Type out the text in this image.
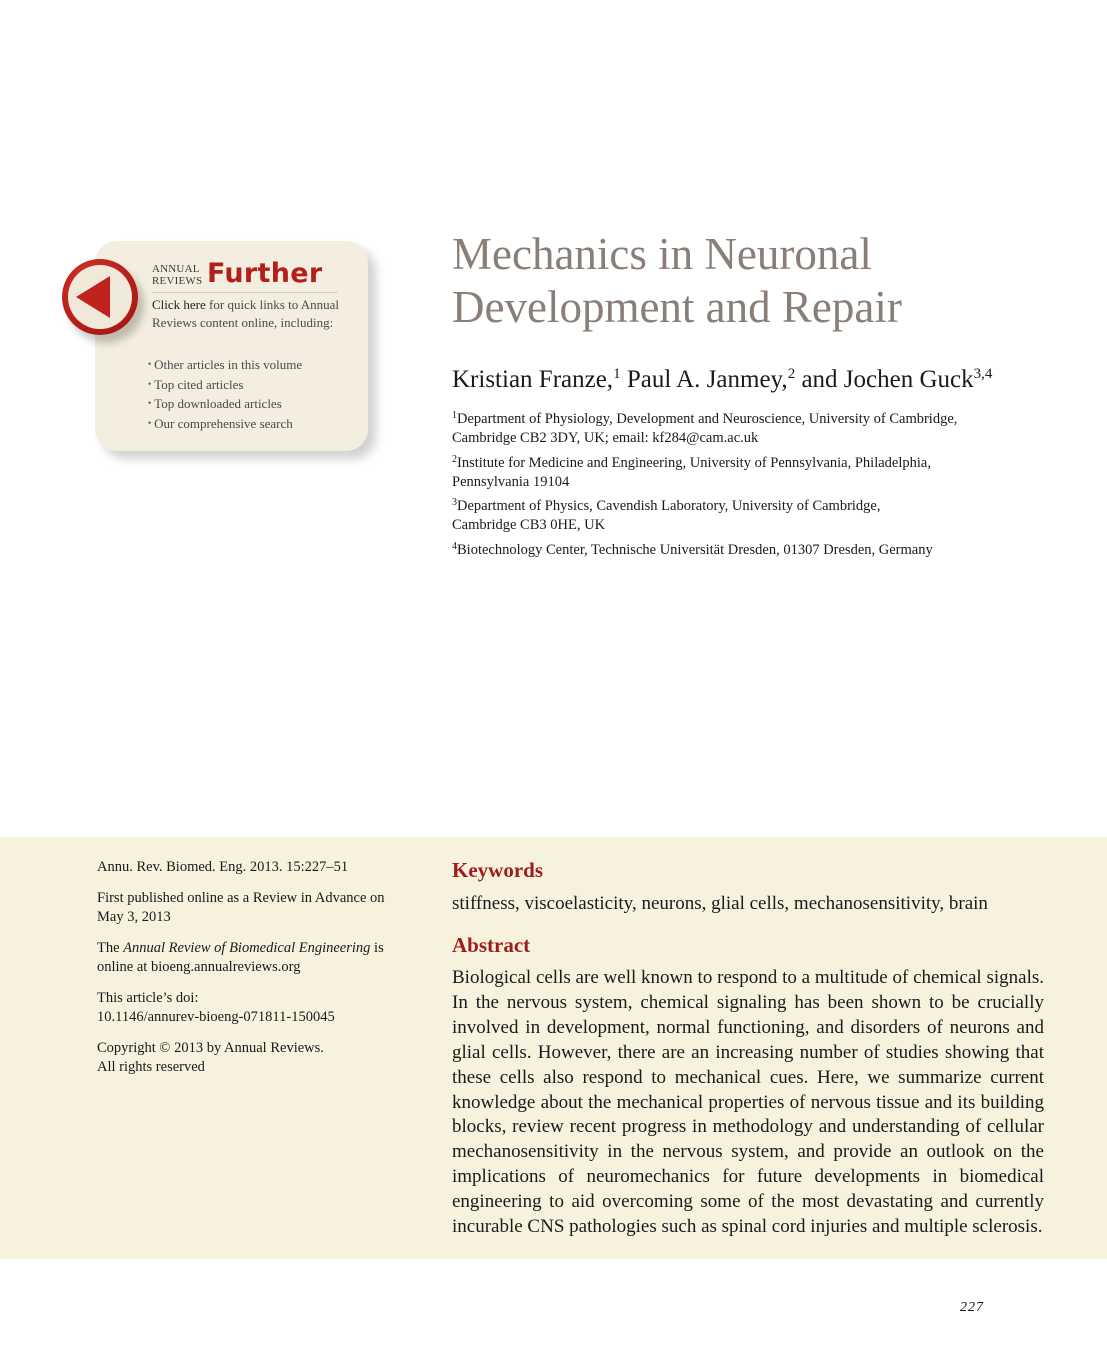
ANNUAL
REVIEWS Further
Click here for quick links to Annual Reviews content online, including:
• Other articles in this volume
• Top cited articles
• Top downloaded articles
• Our comprehensive search
Mechanics in Neuronal
Development and Repair
Kristian Franze,$^1$ Paul A. Janmey,$^2$ and Jochen Guck$^{3,4}$
$^1$Department of Physiology, Development and Neuroscience, University of Cambridge,
Cambridge CB2 3DY, UK; email: kf284@cam.ac.uk
$^2$Institute for Medicine and Engineering, University of Pennsylvania, Philadelphia,
Pennsylvania 19104
$^3$Department of Physics, Cavendish Laboratory, University of Cambridge,
Cambridge CB3 0HE, UK
$^4$Biotechnology Center, Technische Universität Dresden, 01307 Dresden, Germany
Annu. Rev. Biomed. Eng. 2013. 15:227–51
First published online as a Review in Advance on
May 3, 2013
The Annual Review of Biomedical Engineering is
online at bioeng.annualreviews.org
This article’s doi:
10.1146/annurev-bioeng-071811-150045
Copyright © 2013 by Annual Reviews.
All rights reserved
Keywords
stiffness, viscoelasticity, neurons, glial cells, mechanosensitivity, brain
Abstract

Biological cells are well known to respond to a multitude of chemical signals. In the nervous system, chemical signaling has been shown to be crucially involved in development, normal functioning, and disorders of neurons and glial cells. However, there are an increasing number of studies showing that these cells also respond to mechanical cues. Here, we summarize current knowledge about the mechanical properties of nervous tissue and its building blocks, review recent progress in methodology and understanding of cellular mechanosensitivity in the nervous system, and provide an outlook on the implications of neuromechanics for future developments in biomedical engineering to aid overcoming some of the most devastating and currently incurable CNS pathologies such as spinal cord injuries and multiple sclerosis.

227
